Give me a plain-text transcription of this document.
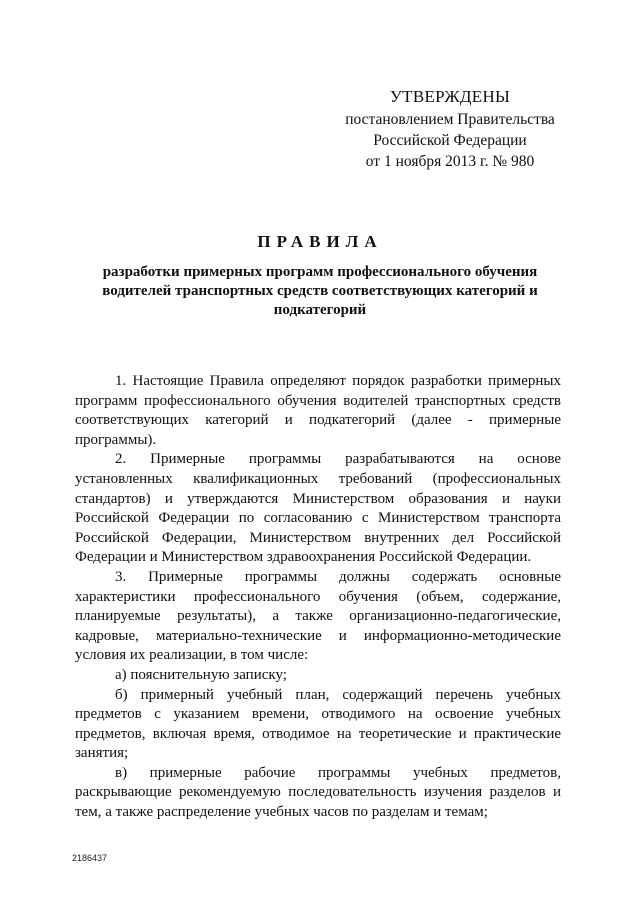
УТВЕРЖДЕНЫ
постановлением Правительства
Российской Федерации
от 1 ноября 2013 г. № 980
ПРАВИЛА
разработки примерных программ профессионального обучения водителей транспортных средств соответствующих категорий и подкатегорий

1. Настоящие Правила определяют порядок разработки примерных программ профессионального обучения водителей транспортных средств соответствующих категорий и подкатегорий (далее - примерные программы).

2. Примерные программы разрабатываются на основе установленных квалификационных требований (профессиональных стандартов) и утверждаются Министерством образования и науки Российской Федерации по согласованию с Министерством транспорта Российской Федерации, Министерством внутренних дел Российской Федерации и Министерством здравоохранения Российской Федерации.

3. Примерные программы должны содержать основные характеристики профессионального обучения (объем, содержание, планируемые результаты), а также организационно-педагогические, кадровые, материально-технические и информационно-методические условия их реализации, в том числе:

а) пояснительную записку;

б) примерный учебный план, содержащий перечень учебных предметов с указанием времени, отводимого на освоение учебных предметов, включая время, отводимое на теоретические и практические занятия;

в) примерные рабочие программы учебных предметов, раскрывающие рекомендуемую последовательность изучения разделов и тем, а также распределение учебных часов по разделам и темам;

2186437
